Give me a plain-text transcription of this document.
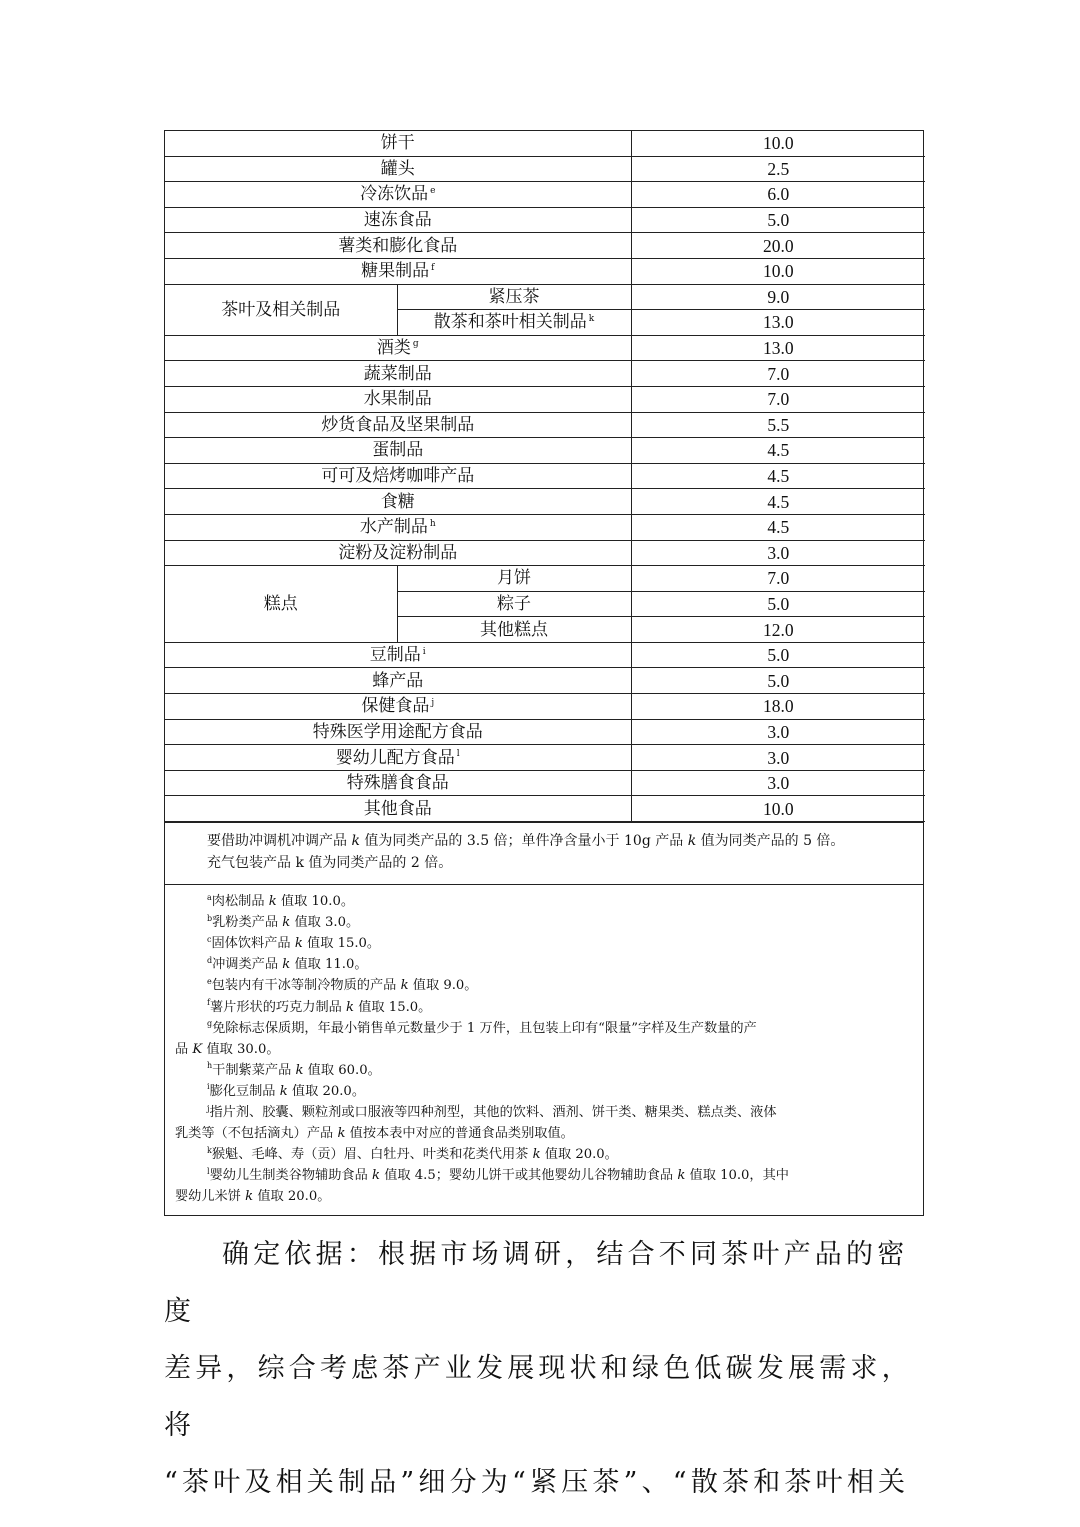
饼干		10.0
罐头		2.5
冷冻饮品 $^e$		6.0
速冻食品		5.0
薯类和膨化食品		20.0
糖果制品 $^f$		10.0
茶叶及相关制品	紧压茶	9.0
	散茶和茶叶相关制品 $^k$	13.0
酒类 $^g$		13.0
蔬菜制品		7.0
水果制品		7.0
炒货食品及坚果制品		5.5
蛋制品		4.5
可可及焙烤咖啡产品		4.5
食糖		4.5
水产制品 $^h$		4.5
淀粉及淀粉制品		3.0
糕点	月饼	7.0
	粽子	5.0
	其他糕点	12.0
豆制品 $^i$		5.0
蜂产品		5.0
保健食品 $^j$		18.0
特殊医学用途配方食品		3.0
婴幼儿配方食品 $^l$		3.0
特殊膳食食品		3.0
其他食品		10.0
要借助冲调机冲调产品 k 值为同类产品的 3.5 倍；单件净含量小于 10g 产品 k 值为同类产品的 5 倍。
充气包装产品 k 值为同类产品的 2 倍。

$^a$肉松制品 k 值取 10.0。

$^b$乳粉类产品 k 值取 3.0。

$^c$固体饮料产品 k 值取 15.0。

$^d$冲调类产品 k 值取 11.0。

$^e$包装内有干冰等制冷物质的产品 k 值取 9.0。

$^f$薯片形状的巧克力制品 k 值取 15.0。

$^g$免除标志保质期，年最小销售单元数量少于 1 万件，且包装上印有“限量”字样及生产数量的产

品 K 值取 30.0。

$^h$干制紫菜产品 k 值取 60.0。

$^i$膨化豆制品 k 值取 20.0。

$^j$指片剂、胶囊、颗粒剂或口服液等四种剂型，其他的饮料、酒剂、饼干类、糖果类、糕点类、液体

乳类等（不包括滴丸）产品 k 值按本表中对应的普通食品类别取值。

$^k$猴魁、毛峰、寿（贡）眉、白牡丹、叶类和花类代用茶 k 值取 20.0。

$^l$婴幼儿生制类谷物辅助食品 k 值取 4.5；婴幼儿饼干或其他婴幼儿谷物辅助食品 k 值取 10.0，其中

婴幼儿米饼 k 值取 20.0。

确定依据：根据市场调研，结合不同茶叶产品的密度

差异，综合考虑茶产业发展现状和绿色低碳发展需求，将

“茶叶及相关制品”细分为“紧压茶”、“散茶和茶叶相关
